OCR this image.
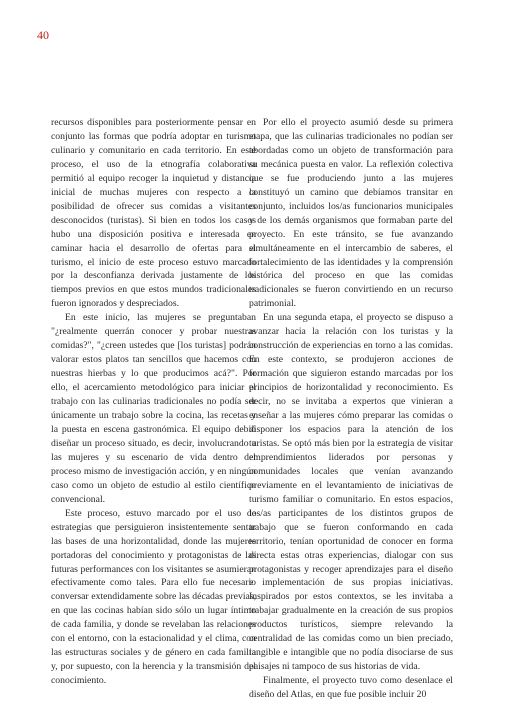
40

recursos disponibles para posteriormente pensar en conjunto las formas que podría adoptar en turismo culinario y comunitario en cada territorio. En este proceso, el uso de la etnografía colaborativa permitió al equipo recoger la inquietud y distancia inicial de muchas mujeres con respecto a la posibilidad de ofrecer sus comidas a visitantes desconocidos (turistas). Si bien en todos los casos hubo una disposición positiva e interesada en caminar hacia el desarrollo de ofertas para el turismo, el inicio de este proceso estuvo marcado por la desconfianza derivada justamente de los tiempos previos en que estos mundos tradicionales fueron ignorados y despreciados.

En este inicio, las mujeres se preguntaban "¿realmente querrán conocer y probar nuestras comidas?", "¿creen ustedes que [los turistas] podrán valorar estos platos tan sencillos que hacemos con nuestras hierbas y lo que producimos acá?". Por ello, el acercamiento metodológico para iniciar el trabajo con las culinarias tradicionales no podía ser únicamente un trabajo sobre la cocina, las recetas y la puesta en escena gastronómica. El equipo debió diseñar un proceso situado, es decir, involucrando a las mujeres y su escenario de vida dentro del proceso mismo de investigación acción, y en ningún caso como un objeto de estudio al estilo científico convencional.

Este proceso, estuvo marcado por el uso de estrategias que persiguieron insistentemente sentar las bases de una horizontalidad, donde las mujeres portadoras del conocimiento y protagonistas de las futuras performances con los visitantes se asumieran efectivamente como tales. Para ello fue necesario conversar extendidamente sobre las décadas previas, en que las cocinas habían sido sólo un lugar íntimo de cada familia, y donde se revelaban las relaciones con el entorno, con la estacionalidad y el clima, con las estructuras sociales y de género en cada familia y, por supuesto, con la herencia y la transmisión del conocimiento.

Por ello el proyecto asumió desde su primera etapa, que las culinarias tradicionales no podían ser abordadas como un objeto de transformación para su mecánica puesta en valor. La reflexión colectiva que se fue produciendo junto a las mujeres constituyó un camino que debíamos transitar en conjunto, incluidos los/as funcionarios municipales y de los demás organismos que formaban parte del proyecto. En este tránsito, se fue avanzando simultáneamente en el intercambio de saberes, el fortalecimiento de las identidades y la comprensión histórica del proceso en que las comidas tradicionales se fueron convirtiendo en un recurso patrimonial.

En una segunda etapa, el proyecto se dispuso a avanzar hacia la relación con los turistas y la construcción de experiencias en torno a las comidas. En este contexto, se produjeron acciones de formación que siguieron estando marcadas por los principios de horizontalidad y reconocimiento. Es decir, no se invitaba a expertos que vinieran a enseñar a las mujeres cómo preparar las comidas o disponer los espacios para la atención de los turistas. Se optó más bien por la estrategia de visitar emprendimientos liderados por personas y comunidades locales que venían avanzando previamente en el levantamiento de iniciativas de turismo familiar o comunitario. En estos espacios, los/as participantes de los distintos grupos de trabajo que se fueron conformando en cada territorio, tenían oportunidad de conocer en forma directa estas otras experiencias, dialogar con sus protagonistas y recoger aprendizajes para el diseño e implementación de sus propias iniciativas. Inspirados por estos contextos, se les invitaba a trabajar gradualmente en la creación de sus propios productos turísticos, siempre relevando la centralidad de las comidas como un bien preciado, tangible e intangible que no podía disociarse de sus paisajes ni tampoco de sus historias de vida.

Finalmente, el proyecto tuvo como desenlace el diseño del Atlas, en que fue posible incluir 20
